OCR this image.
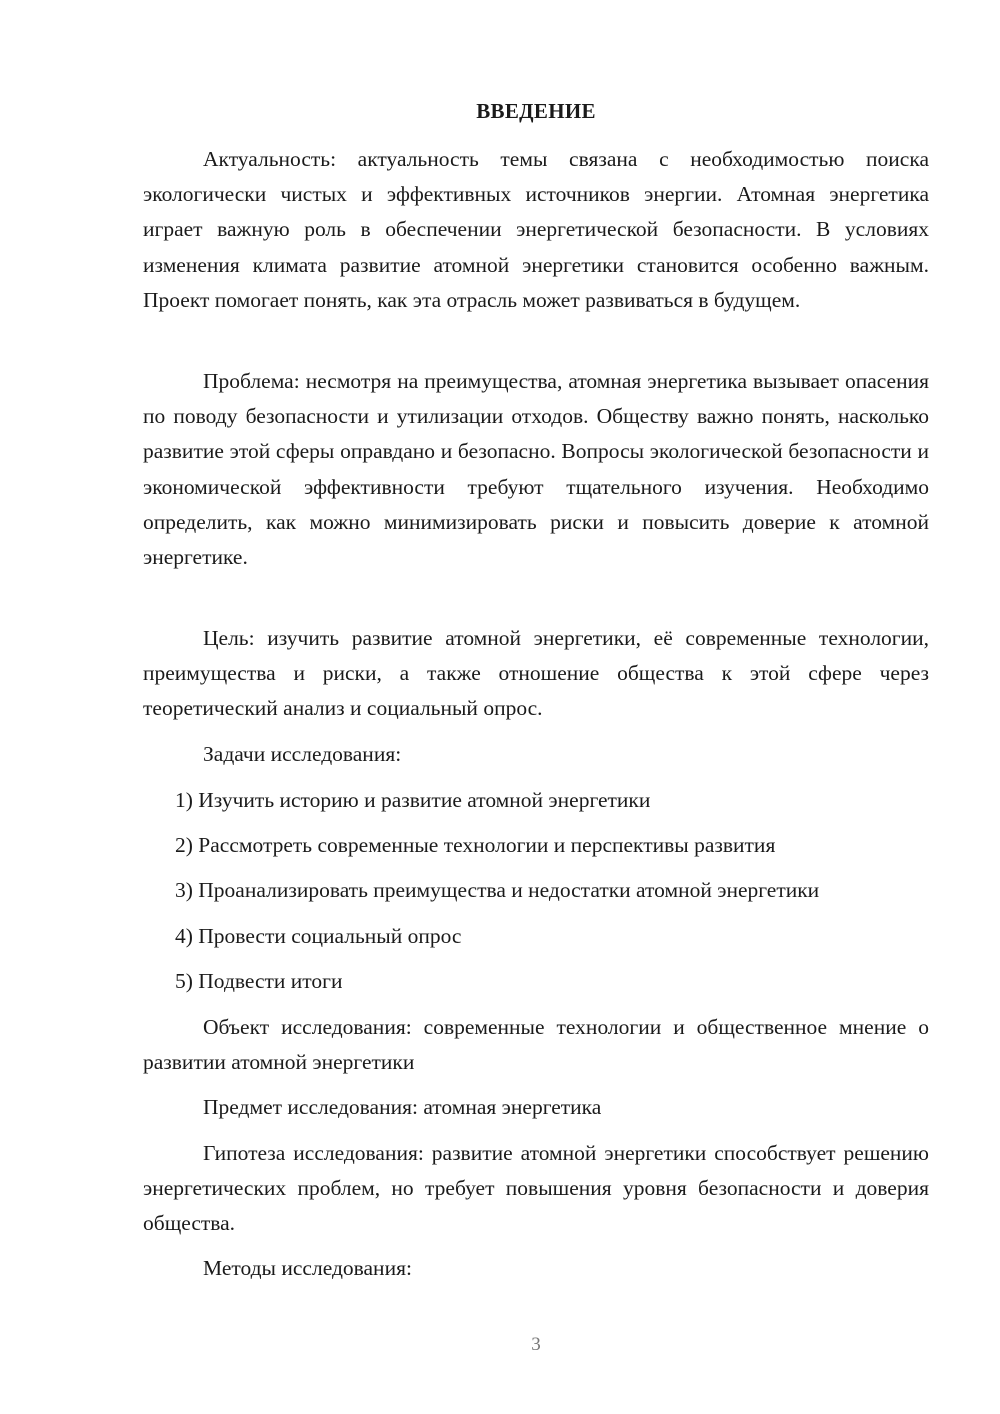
ВВЕДЕНИЕ

Актуальность: актуальность темы связана с необходимостью поиска экологически чистых и эффективных источников энергии. Атомная энергетика играет важную роль в обеспечении энергетической безопасности. В условиях изменения климата развитие атомной энергетики становится особенно важным. Проект помогает понять, как эта отрасль может развиваться в будущем.

Проблема: несмотря на преимущества, атомная энергетика вызывает опасения по поводу безопасности и утилизации отходов. Обществу важно понять, насколько развитие этой сферы оправдано и безопасно. Вопросы экологической безопасности и экономической эффективности требуют тщательного изучения. Необходимо определить, как можно минимизировать риски и повысить доверие к атомной энергетике.

Цель: изучить развитие атомной энергетики, её современные технологии, преимущества и риски, а также отношение общества к этой сфере через теоретический анализ и социальный опрос.

Задачи исследования:

1) Изучить историю и развитие атомной энергетики

2) Рассмотреть современные технологии и перспективы развития

3) Проанализировать преимущества и недостатки атомной энергетики

4) Провести социальный опрос

5) Подвести итоги

Объект исследования: современные технологии и общественное мнение о развитии атомной энергетики

Предмет исследования: атомная энергетика

Гипотеза исследования: развитие атомной энергетики способствует решению энергетических проблем, но требует повышения уровня безопасности и доверия общества.

Методы исследования:

3
